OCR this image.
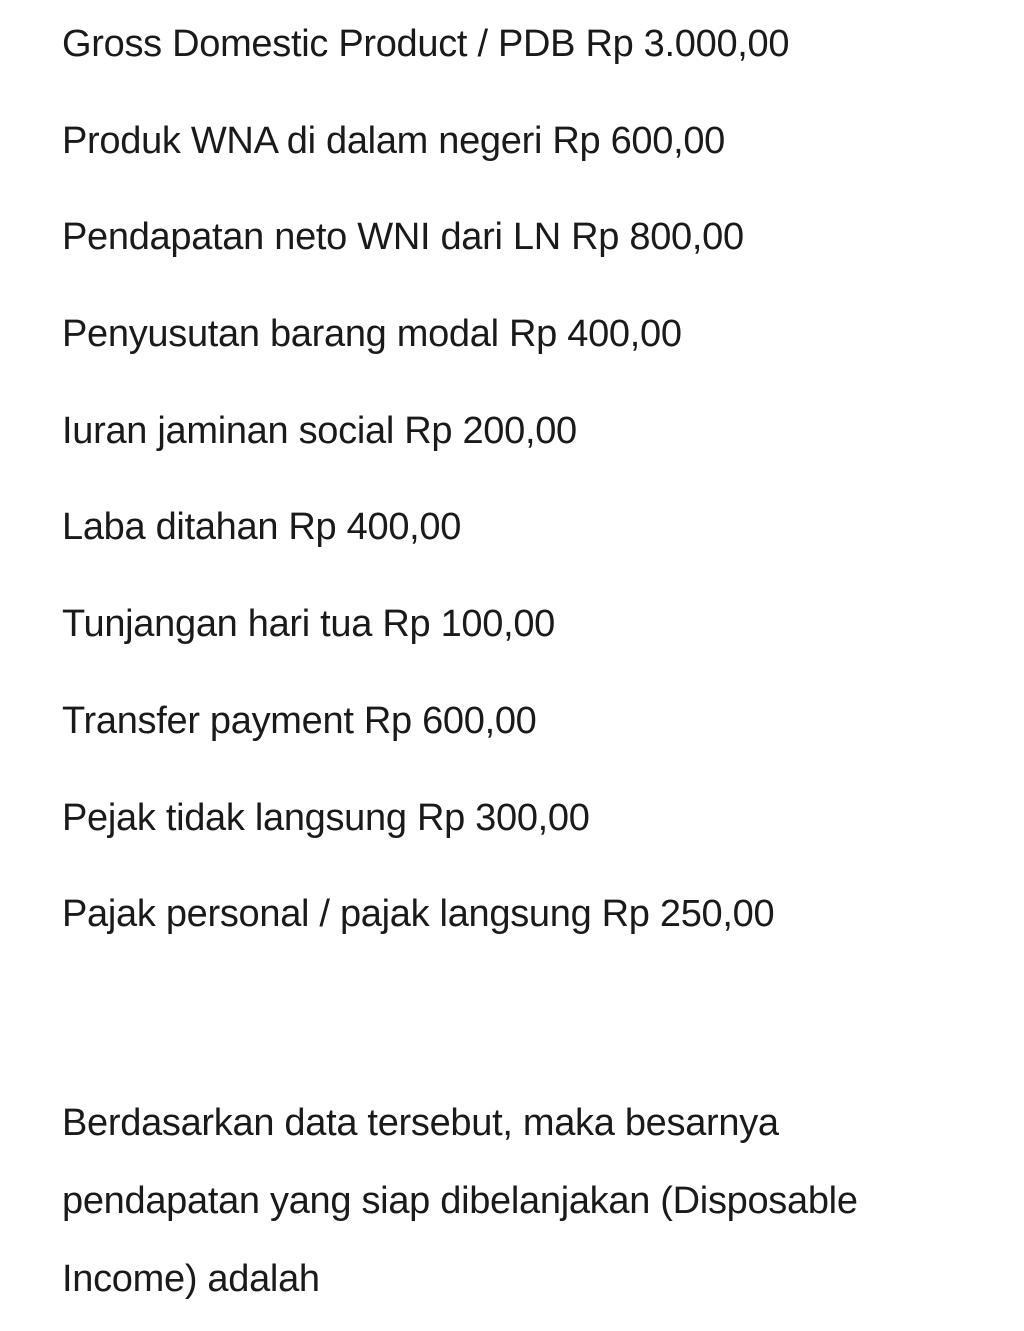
Gross Domestic Product / PDB Rp 3.000,00
Produk WNA di dalam negeri Rp 600,00
Pendapatan neto WNI dari LN Rp 800,00
Penyusutan barang modal Rp 400,00
Iuran jaminan social Rp 200,00
Laba ditahan Rp 400,00
Tunjangan hari tua Rp 100,00
Transfer payment Rp 600,00
Pejak tidak langsung Rp 300,00
Pajak personal / pajak langsung Rp 250,00

Berdasarkan data tersebut, maka besarnya pendapatan yang siap dibelanjakan (Disposable Income) adalah
